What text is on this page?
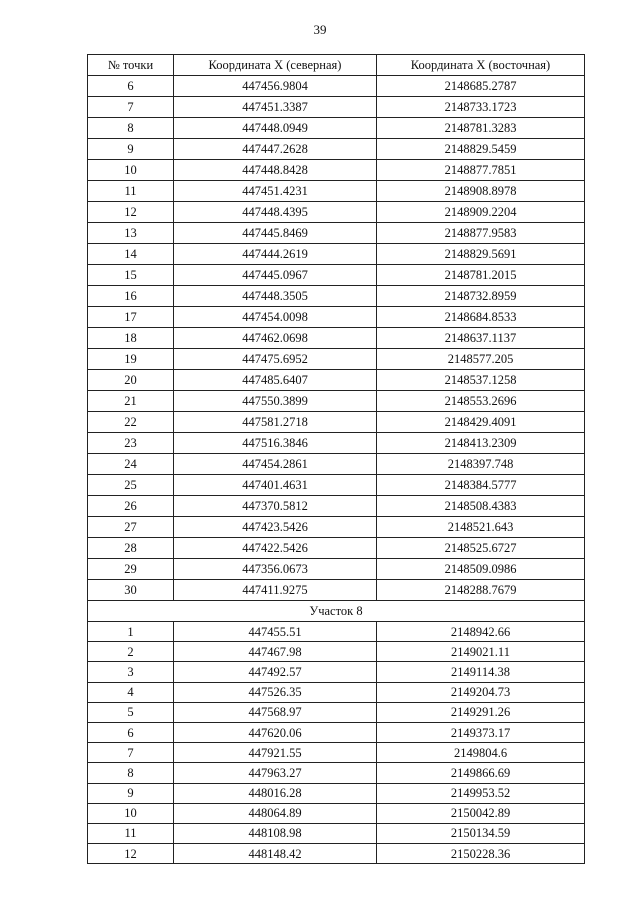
39
№ точки	Координата X (северная)	Координата X (восточная)
6	447456.9804	2148685.2787
7	447451.3387	2148733.1723
8	447448.0949	2148781.3283
9	447447.2628	2148829.5459
10	447448.8428	2148877.7851
11	447451.4231	2148908.8978
12	447448.4395	2148909.2204
13	447445.8469	2148877.9583
14	447444.2619	2148829.5691
15	447445.0967	2148781.2015
16	447448.3505	2148732.8959
17	447454.0098	2148684.8533
18	447462.0698	2148637.1137
19	447475.6952	2148577.205
20	447485.6407	2148537.1258
21	447550.3899	2148553.2696
22	447581.2718	2148429.4091
23	447516.3846	2148413.2309
24	447454.2861	2148397.748
25	447401.4631	2148384.5777
26	447370.5812	2148508.4383
27	447423.5426	2148521.643
28	447422.5426	2148525.6727
29	447356.0673	2148509.0986
30	447411.9275	2148288.7679
Участок 8		
1	447455.51	2148942.66
2	447467.98	2149021.11
3	447492.57	2149114.38
4	447526.35	2149204.73
5	447568.97	2149291.26
6	447620.06	2149373.17
7	447921.55	2149804.6
8	447963.27	2149866.69
9	448016.28	2149953.52
10	448064.89	2150042.89
11	448108.98	2150134.59
12	448148.42	2150228.36
